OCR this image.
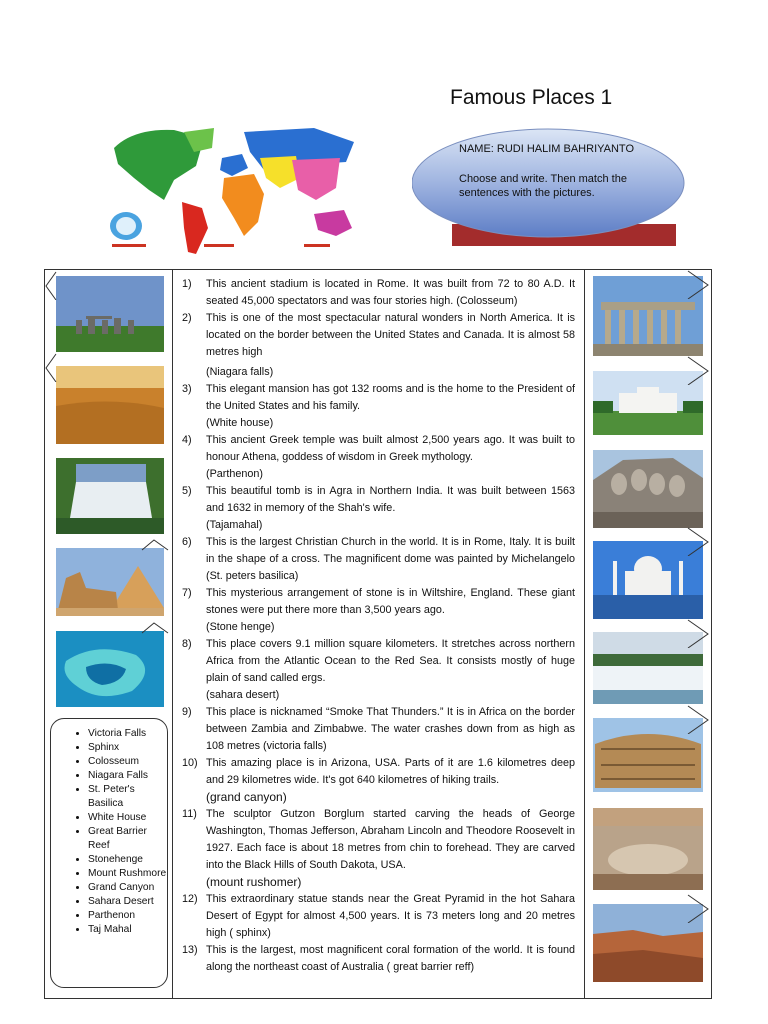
Famous Places 1

NAME: RUDI HALIM BAHRIYANTO

Choose and write. Then match the sentences with the pictures.

• Victoria Falls
• Sphinx
• Colosseum
• Niagara Falls
• St. Peter's Basilica
• White House
• Great Barrier Reef
• Stonehenge
• Mount Rushmore
• Grand Canyon
• Sahara Desert
• Parthenon
• Taj Mahal
1)	This ancient stadium is located in Rome. It was built from 72 to 80 A.D. It seated 45,000 spectators and was four stories high. (Colosseum)
2)	This is one of the most spectacular natural wonders in North America. It is located on the border between the United States and Canada. It is almost 58 metres high
(Niagara falls)
3)	This elegant mansion has got 132 rooms and is the home to the President of the United States and his family.
(White house)
4)	This ancient Greek temple was built almost 2,500 years ago. It was built to honour Athena, goddess of wisdom in Greek mythology.
(Parthenon)
5)	This beautiful tomb is in Agra in Northern India. It was built between 1563 and 1632 in memory of the Shah's wife.
(Tajamahal)
6)	This is the largest Christian Church in the world. It is in Rome, Italy. It is built in the shape of a cross. The magnificent dome was painted by Michelangelo (St. peters basilica)
7)	This mysterious arrangement of stone is in Wiltshire, England. These giant stones were put there more than 3,500 years ago.
(Stone henge)
8)	This place covers 9.1 million square kilometers. It stretches across northern Africa from the Atlantic Ocean to the Red Sea. It consists mostly of huge plain of sand called ergs.
(sahara desert)
9)	This place is nicknamed “Smoke That Thunders.” It is in Africa on the border between Zambia and Zimbabwe. The water crashes down from as high as 108 metres (victoria falls)
10) This amazing place is in Arizona, USA. Parts of it are 1.6 kilometres deep and 29 kilometres wide. It's got 640 kilometres of hiking trails.
(grand canyon)
11) The sculptor Gutzon Borglum started carving the heads of George Washington, Thomas Jefferson, Abraham Lincoln and Theodore Roosevelt in 1927. Each face is about 18 metres from chin to forehead. They are carved into the Black Hills of South Dakota, USA.
(mount rushomer)
12) This extraordinary statue stands near the Great Pyramid in the hot Sahara Desert of Egypt for almost 4,500 years. It is 73 meters long and 20 metres high ( sphinx)
13) This is the largest, most magnificent coral formation of the world. It is found along the northeast coast of Australia ( great barrier reff)
